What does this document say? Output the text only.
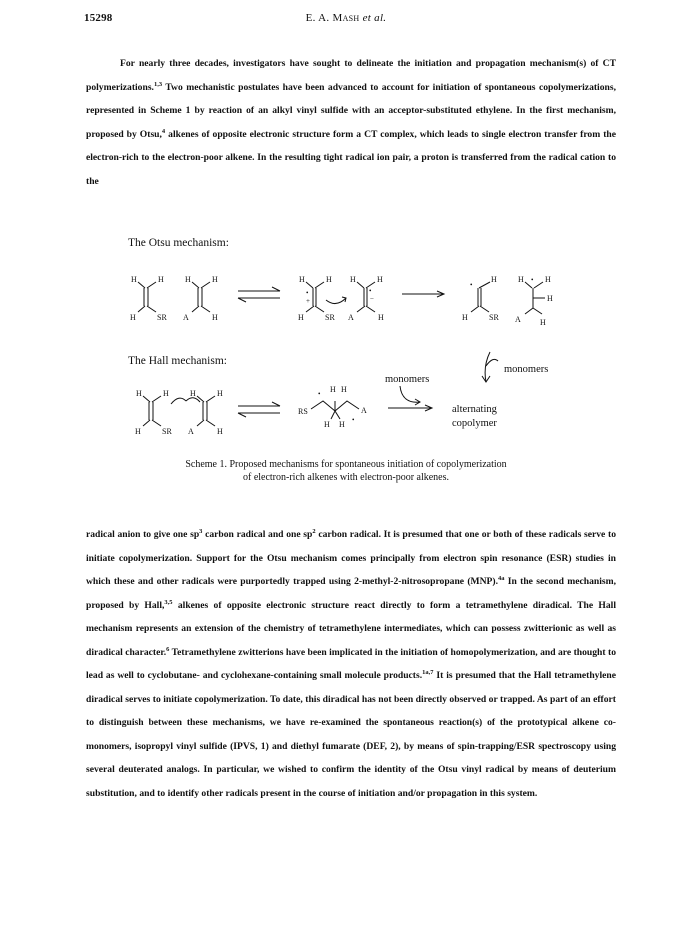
15298	E. A. Mash et al.
For nearly three decades, investigators have sought to delineate the initiation and propagation mechanism(s) of CT polymerizations.$^{1,3}$ Two mechanistic postulates have been advanced to account for initiation of spontaneous copolymerizations, represented in Scheme 1 by reaction of an alkyl vinyl sulfide with an acceptor-substituted ethylene. In the first mechanism, proposed by Otsu,$^4$ alkenes of opposite electronic structure form a CT complex, which leads to single electron transfer from the electron-rich to the electron-poor alkene. In the resulting tight radical ion pair, a proton is transferred from the radical cation to the
The Otsu mechanism:
H	H
H	SR
H	H
A	H
H	H
H	SR
•
+
H	H
A	H
•
−
H
•
H	SR
H	H
H
A H
•
The Hall mechanism:
H	H
H	SR
H	H
A	H
RS
H H
H H
A
•
•
monomers
alternating
copolymer
monomers
Scheme 1. Proposed mechanisms for spontaneous initiation of copolymerization
of electron-rich alkenes with electron-poor alkenes.
radical anion to give one $sp^3$ carbon radical and one $sp^2$ carbon radical. It is presumed that one or both of these radicals serve to initiate copolymerization. Support for the Otsu mechanism comes principally from electron spin resonance (ESR) studies in which these and other radicals were purportedly trapped using 2-methyl-2-nitrosopropane (MNP).$^{4a}$ In the second mechanism, proposed by Hall,$^{3,5}$ alkenes of opposite electronic structure react directly to form a tetramethylene diradical. The Hall mechanism represents an extension of the chemistry of tetramethylene intermediates, which can possess zwitterionic as well as diradical character.$^6$ Tetramethylene zwitterions have been implicated in the initiation of homopolymerization, and are thought to lead as well to cyclobutane- and cyclohexane-containing small molecule products.$^{1a,7}$ It is presumed that the Hall tetramethylene diradical serves to initiate copolymerization. To date, this diradical has not been directly observed or trapped. As part of an effort to distinguish between these mechanisms, we have re-examined the spontaneous reaction(s) of the prototypical alkene co-monomers, isopropyl vinyl sulfide (IPVS, 1) and diethyl fumarate (DEF, 2), by means of spin-trapping/ESR spectroscopy using several deuterated analogs. In particular, we wished to confirm the identity of the Otsu vinyl radical by means of deuterium substitution, and to identify other radicals present in the course of initiation and/or propagation in this system.
